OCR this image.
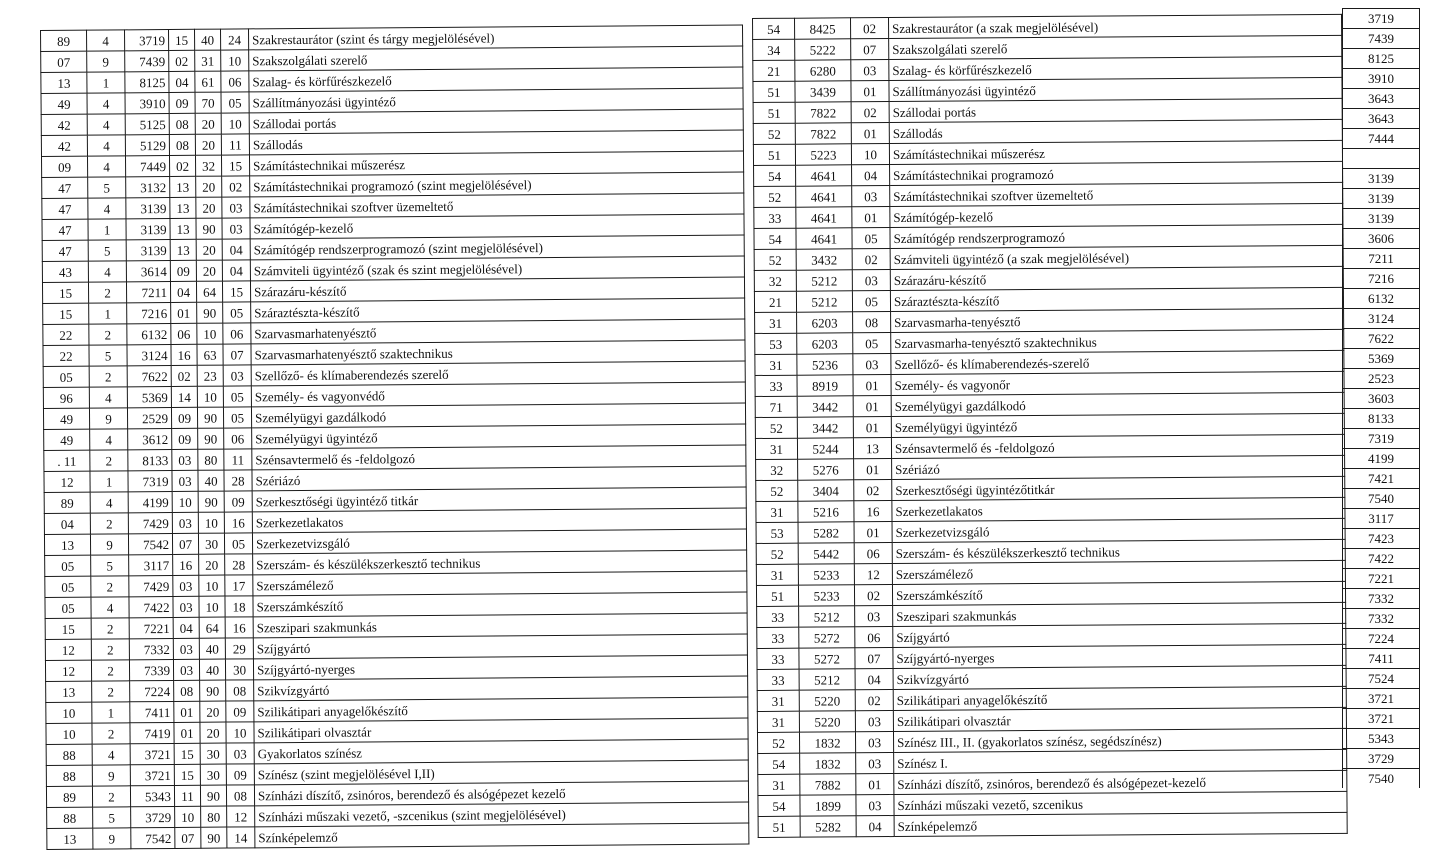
89	4	3719	15	40	24	Szakrestaurátor (szint és tárgy megjelölésével)
07	9	7439	02	31	10	Szakszolgálati szerelő
13	1	8125	04	61	06	Szalag- és körfűrészkezelő
49	4	3910	09	70	05	Szállítmányozási ügyintéző
42	4	5125	08	20	10	Szállodai portás
42	4	5129	08	20	11	Szállodás
09	4	7449	02	32	15	Számítástechnikai műszerész
47	5	3132	13	20	02	Számítástechnikai programozó (szint megjelölésével)
47	4	3139	13	20	03	Számítástechnikai szoftver üzemeltető
47	1	3139	13	90	03	Számítógép-kezelő
47	5	3139	13	20	04	Számítógép rendszerprogramozó (szint megjelölésével)
43	4	3614	09	20	04	Számviteli ügyintéző (szak és szint megjelölésével)
15	2	7211	04	64	15	Szárazáru-készítő
15	1	7216	01	90	05	Száraztészta-készítő
22	2	6132	06	10	06	Szarvasmarhatenyésztő
22	5	3124	16	63	07	Szarvasmarhatenyésztő szaktechnikus
05	2	7622	02	23	03	Szellőző- és klímaberendezés szerelő
96	4	5369	14	10	05	Személy- és vagyonvédő
49	9	2529	09	90	05	Személyügyi gazdálkodó
49	4	3612	09	90	06	Személyügyi ügyintéző
. 11	2	8133	03	80	11	Szénsavtermelő és -feldolgozó
12	1	7319	03	40	28	Szériázó
89	4	4199	10	90	09	Szerkesztőségi ügyintéző titkár
04	2	7429	03	10	16	Szerkezetlakatos
13	9	7542	07	30	05	Szerkezetvizsgáló
05	5	3117	16	20	28	Szerszám- és készülékszerkesztő technikus
05	2	7429	03	10	17	Szerszámélező
05	4	7422	03	10	18	Szerszámkészítő
15	2	7221	04	64	16	Szeszipari szakmunkás
12	2	7332	03	40	29	Szíjgyártó
12	2	7339	03	40	30	Szíjgyártó-nyerges
13	2	7224	08	90	08	Szikvízgyártó
10	1	7411	01	20	09	Szilikátipari anyagelőkészítő
10	2	7419	01	20	10	Szilikátipari olvasztár
88	4	3721	15	30	03	Gyakorlatos színész
88	9	3721	15	30	09	Színész (szint megjelölésével I,II)
89	2	5343	11	90	08	Színházi díszítő, zsinóros, berendező és alsógépezet kezelő
88	5	3729	10	80	12	Színházi műszaki vezető, -szcenikus (szint megjelölésével)
13	9	7542	07	90	14	Színképelemző
54	8425	02	Szakrestaurátor (a szak megjelölésével)
34	5222	07	Szakszolgálati szerelő
21	6280	03	Szalag- és körfűrészkezelő
51	3439	01	Szállítmányozási ügyintéző
51	7822	02	Szállodai portás
52	7822	01	Szállodás
51	5223	10	Számítástechnikai műszerész
54	4641	04	Számítástechnikai programozó
52	4641	03	Számítástechnikai szoftver üzemeltető
33	4641	01	Számítógép-kezelő
54	4641	05	Számítógép rendszerprogramozó
52	3432	02	Számviteli ügyintéző (a szak megjelölésével)
32	5212	03	Szárazáru-készítő
21	5212	05	Száraztészta-készítő
31	6203	08	Szarvasmarha-tenyésztő
53	6203	05	Szarvasmarha-tenyésztő szaktechnikus
31	5236	03	Szellőző- és klímaberendezés-szerelő
33	8919	01	Személy- és vagyonőr
71	3442	01	Személyügyi gazdálkodó
52	3442	01	Személyügyi ügyintéző
31	5244	13	Szénsavtermelő és -feldolgozó
32	5276	01	Szériázó
52	3404	02	Szerkesztőségi ügyintézőtitkár
31	5216	16	Szerkezetlakatos
53	5282	01	Szerkezetvizsgáló
52	5442	06	Szerszám- és készülékszerkesztő technikus
31	5233	12	Szerszámélező
51	5233	02	Szerszámkészítő
33	5212	03	Szeszipari szakmunkás
33	5272	06	Szíjgyártó
33	5272	07	Szíjgyártó-nyerges
33	5212	04	Szikvízgyártó
31	5220	02	Szilikátipari anyagelőkészítő
31	5220	03	Szilikátipari olvasztár
52	1832	03	Színész III., II. (gyakorlatos színész, segédszínész)
54	1832	03	Színész I.
31	7882	01	Színházi díszítő, zsinóros, berendező és alsógépezet-kezelő
54	1899	03	Színházi műszaki vezető, szcenikus
51	5282	04	Színképelemző
3719
7439
8125
3910
3643
3643
7444

3139
3139
3139
3606
7211
7216
6132
3124
7622
5369
2523
3603
8133
7319
4199
7421
7540
3117
7423
7422
7221
7332
7332
7224
7411
7524
3721
3721
5343
3729
7540
